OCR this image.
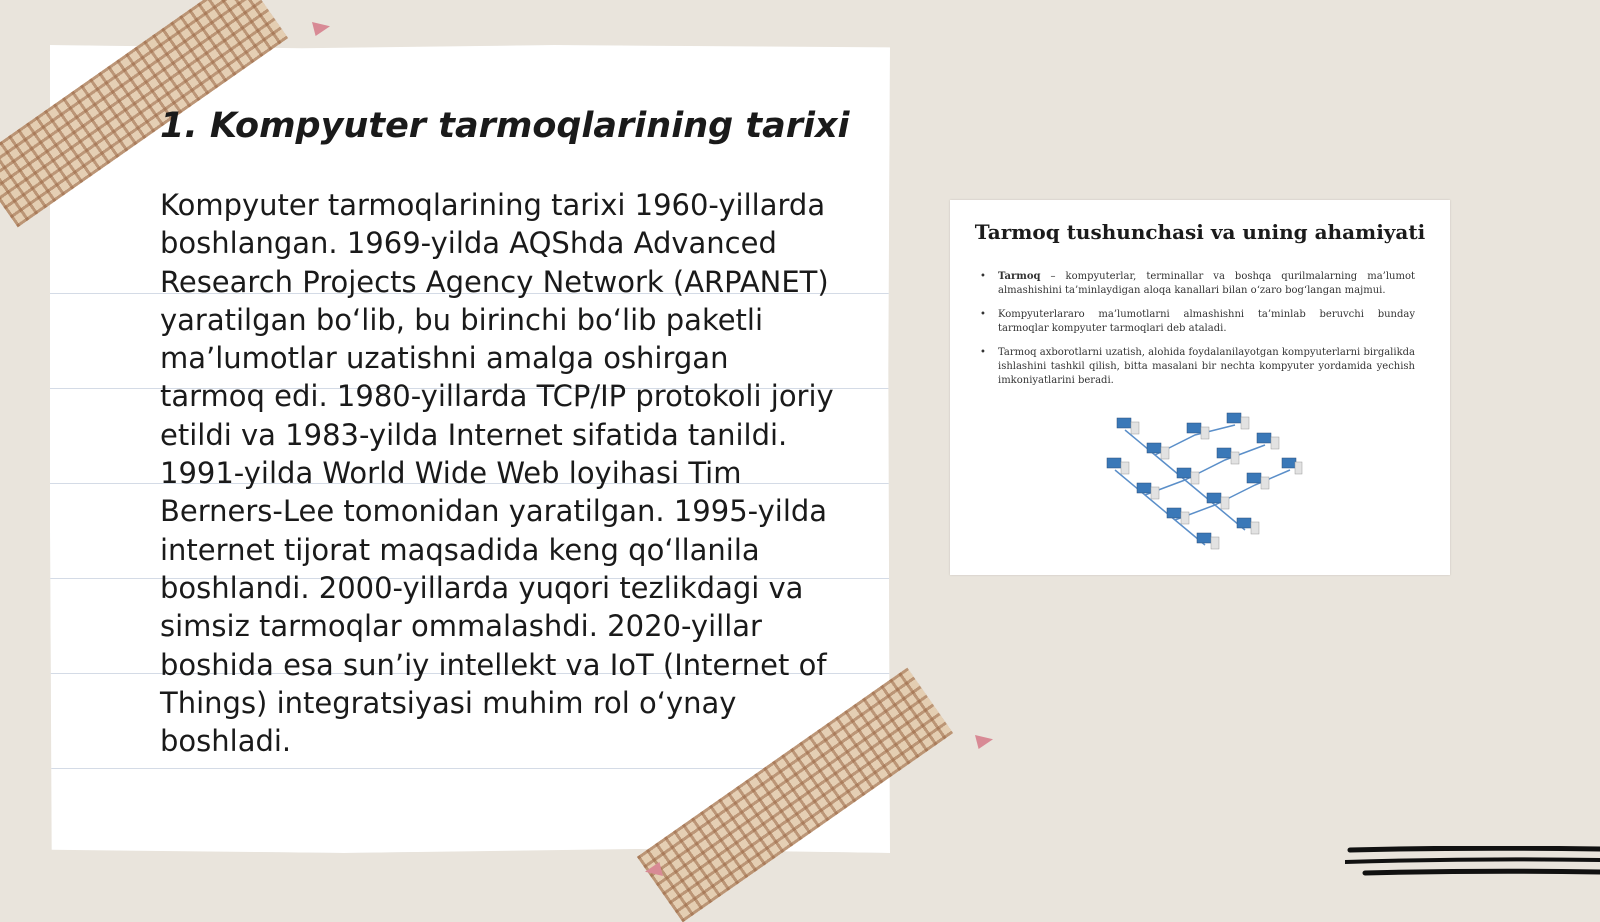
1. Kompyuter tarmoqlarining tarixi

Kompyuter tarmoqlarining tarixi 1960-yillarda boshlangan. 1969-yilda AQShda Advanced Research Projects Agency Network (ARPANET) yaratilgan bo‘lib, bu birinchi bo‘lib paketli ma’lumotlar uzatishni amalga oshirgan tarmoq edi. 1980-yillarda TCP/IP protokoli joriy etildi va 1983-yilda Internet sifatida tanildi. 1991-yilda World Wide Web loyihasi Tim Berners-Lee tomonidan yaratilgan. 1995-yilda internet tijorat maqsadida keng qo‘llanila boshlandi. 2000-yillarda yuqori tezlikdagi va simsiz tarmoqlar ommalashdi. 2020-yillar boshida esa sun’iy intellekt va IoT (Internet of Things) integratsiyasi muhim rol o‘ynay boshladi.

Tarmoq tushunchasi va uning ahamiyati
• Tarmoq – kompyuterlar, terminallar va boshqa qurilmalarning ma’lumot almashishini ta’minlaydigan aloqa kanallari bilan o‘zaro bog‘langan majmui.
• Kompyuterlararo ma’lumotlarni almashishni ta’minlab beruvchi bunday tarmoqlar kompyuter tarmoqlari deb ataladi.
• Tarmoq axborotlarni uzatish, alohida foydalanilayotgan kompyuterlarni birgalikda ishlashini tashkil qilish, bitta masalani bir nechta kompyuter yordamida yechish imkoniyatlarini beradi.
